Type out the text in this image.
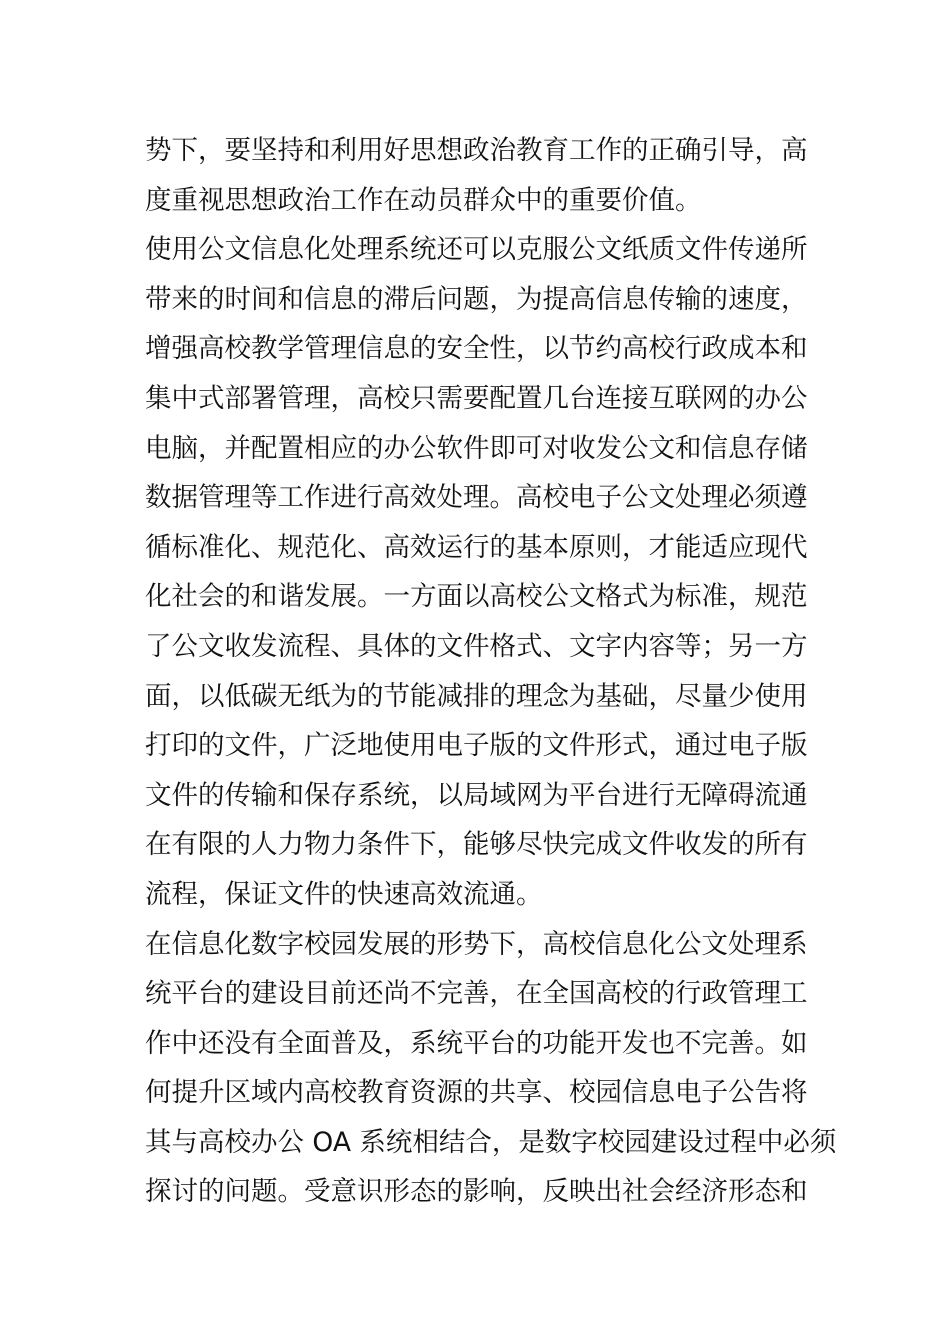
势下，要坚持和利用好思想政治教育工作的正确引导，高
度重视思想政治工作在动员群众中的重要价值。
使用公文信息化处理系统还可以克服公文纸质文件传递所
带来的时间和信息的滞后问题，为提高信息传输的速度，
增强高校教学管理信息的安全性，以节约高校行政成本和
集中式部署管理，高校只需要配置几台连接互联网的办公
电脑，并配置相应的办公软件即可对收发公文和信息存储
数据管理等工作进行高效处理。高校电子公文处理必须遵
循标准化、规范化、高效运行的基本原则，才能适应现代
化社会的和谐发展。一方面以高校公文格式为标准，规范
了公文收发流程、具体的文件格式、文字内容等；另一方
面，以低碳无纸为的节能减排的理念为基础，尽量少使用
打印的文件，广泛地使用电子版的文件形式，通过电子版
文件的传输和保存系统，以局域网为平台进行无障碍流通
在有限的人力物力条件下，能够尽快完成文件收发的所有
流程，保证文件的快速高效流通。
在信息化数字校园发展的形势下，高校信息化公文处理系
统平台的建设目前还尚不完善，在全国高校的行政管理工
作中还没有全面普及，系统平台的功能开发也不完善。如
何提升区域内高校教育资源的共享、校园信息电子公告将
其与高校办公 OA 系统相结合，是数字校园建设过程中必须
探讨的问题。受意识形态的影响，反映出社会经济形态和
